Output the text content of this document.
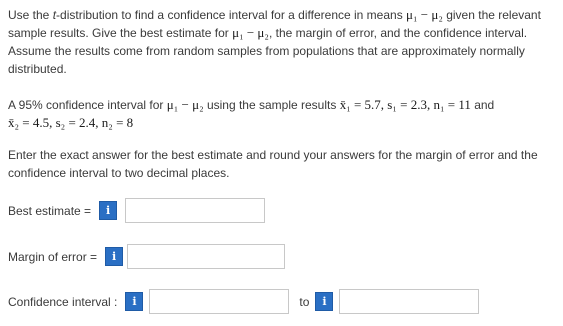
Use the t-distribution to find a confidence interval for a difference in means μ₁ − μ₂ given the relevant sample results. Give the best estimate for μ₁ − μ₂, the margin of error, and the confidence interval. Assume the results come from random samples from populations that are approximately normally distributed.
A 95% confidence interval for μ₁ − μ₂ using the sample results x̄₁ = 5.7, s₁ = 2.3, n₁ = 11 and
x̄₂ = 4.5, s₂ = 2.4, n₂ = 8
Enter the exact answer for the best estimate and round your answers for the margin of error and the confidence interval to two decimal places.
Best estimate =	i
Margin of error =	i
Confidence interval :	i	to	i
